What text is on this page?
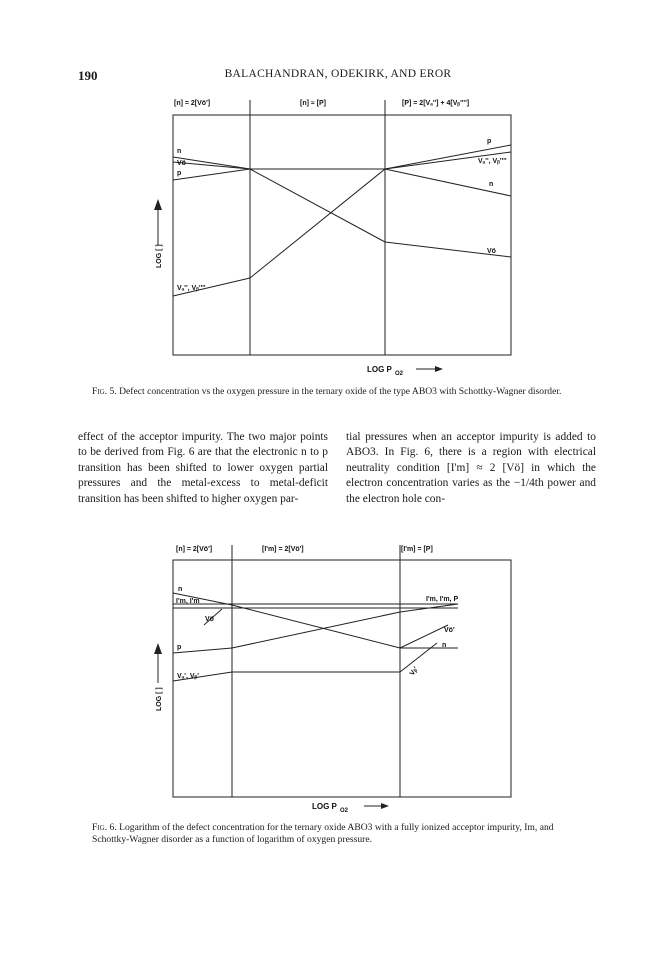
190	BALACHANDRAN, ODEKIRK, AND EROR
[n] = 2[Vö']	[n] ≈ [P]	[P] = 2[Vₐ''] + 4[Vᵦ'''']
n
Vö
p
Vₐ'', Vᵦ''''
p
Vₐ'', Vᵦ''''
n
Vö
LOG [ ]
LOG P O2
Fig. 5. Defect concentration vs the oxygen pressure in the ternary oxide of the type ABO3 with Schottky-Wagner disorder.

effect of the acceptor impurity. The two major points to be derived from Fig. 6 are that the electronic n to p transition has been shifted to lower oxygen partial pressures and the metal-excess to metal-deficit transition has been shifted to higher oxygen par-

tial pressures when an acceptor impurity is added to ABO3. In Fig. 6, there is a region with electrical neutrality condition [I'm] ≈ 2 [Vö] in which the electron concentration varies as the −1/4th power and the electron hole con-

[n] = 2[Vö']	[I'm] = 2[Vö']	[I'm] = [P]
n
I'm, I'm
Vö
p
Vₐ', Vᵦ'
I'm, I'm, P
Vö'
n
Vᵦ'
LOG [ ]
LOG P O2
Fig. 6. Logarithm of the defect concentration for the ternary oxide ABO3 with a fully ionized acceptor impurity, Im, and Schottky-Wagner disorder as a function of logarithm of oxygen pressure.
